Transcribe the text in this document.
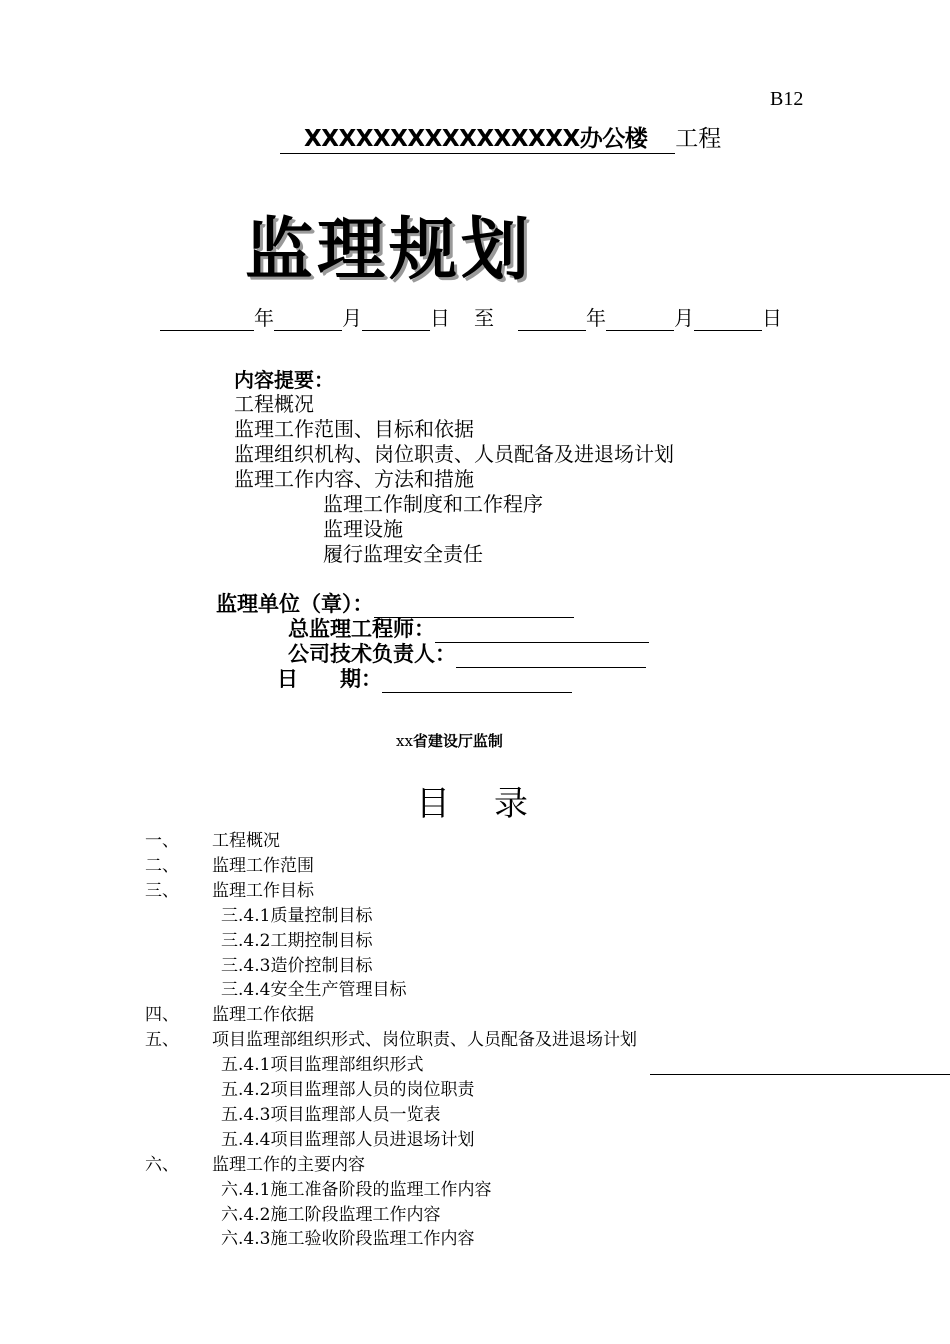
B12
XXXXXXXXXXXXXXXX办公楼 工程
监理规划
年	月	日 至	年	月	日
内容提要：
工程概况
监理工作范围、目标和依据
监理组织机构、岗位职责、人员配备及进退场计划
监理工作内容、方法和措施
监理工作制度和工作程序
监理设施
履行监理安全责任
监理单位（章）：
总监理工程师：
公司技术负责人：
日　　期：
xx省建设厅监制
目录
一、 工程概况
二、 监理工作范围
三、 监理工作目标
三.4.1质量控制目标
三.4.2工期控制目标
三.4.3造价控制目标
三.4.4安全生产管理目标
四、 监理工作依据
五、 项目监理部组织形式、岗位职责、人员配备及进退场计划
五.4.1项目监理部组织形式
五.4.2项目监理部人员的岗位职责
五.4.3项目监理部人员一览表
五.4.4项目监理部人员进退场计划
六、 监理工作的主要内容
六.4.1施工准备阶段的监理工作内容
六.4.2施工阶段监理工作内容
六.4.3施工验收阶段监理工作内容
